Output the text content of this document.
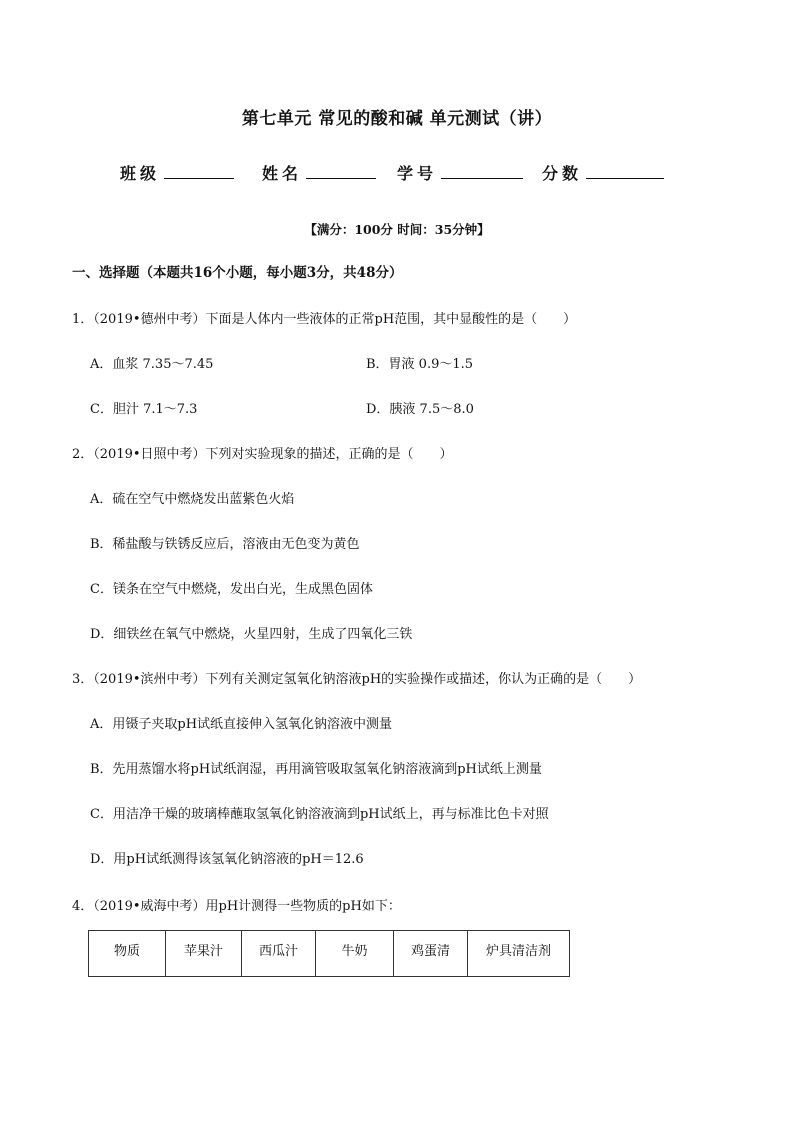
第七单元 常见的酸和碱 单元测试（讲）
班级	姓名	学号	分数
【满分：100分 时间：35分钟】
一、选择题（本题共16个小题，每小题3分，共48分）
1．（2019•德州中考）下面是人体内一些液体的正常pH范围，其中显酸性的是（　　）
A．血浆 7.35～7.45	B．胃液 0.9～1.5
C．胆汁 7.1～7.3	D．胰液 7.5～8.0
2．（2019•日照中考）下列对实验现象的描述，正确的是（　　）
A．硫在空气中燃烧发出蓝紫色火焰
B．稀盐酸与铁锈反应后，溶液由无色变为黄色
C．镁条在空气中燃烧，发出白光，生成黑色固体
D．细铁丝在氧气中燃烧，火星四射，生成了四氧化三铁
3．（2019•滨州中考）下列有关测定氢氧化钠溶液pH的实验操作或描述，你认为正确的是（　　）
A．用镊子夹取pH试纸直接伸入氢氧化钠溶液中测量
B．先用蒸馏水将pH试纸润湿，再用滴管吸取氢氧化钠溶液滴到pH试纸上测量
C．用洁净干燥的玻璃棒蘸取氢氧化钠溶液滴到pH试纸上，再与标准比色卡对照
D．用pH试纸测得该氢氧化钠溶液的pH＝12.6
4．（2019•威海中考）用pH计测得一些物质的pH如下：
物质	苹果汁	西瓜汁	牛奶	鸡蛋清	炉具清洁剂
